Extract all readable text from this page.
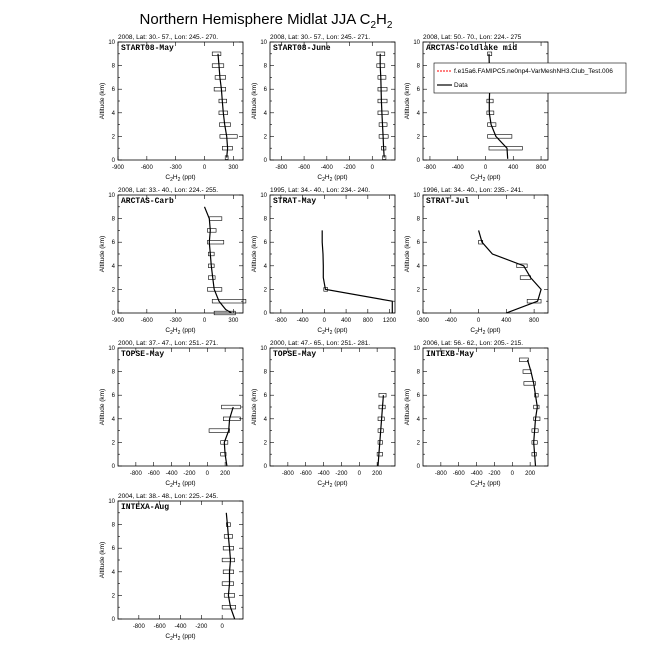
Northern Hemisphere Midlat JJA $C_2H_2$
2008, Lat: 30.- 57., Lon: 245.- 270.
START08-May
0
2
4
6
8
10
-900	-600	-300	0	300
Altitude (km)
$C_2H_2$ (ppt)
2008, Lat: 30.- 57., Lon: 245.- 271.
START08-June
0
2
4
6
8
10
-800 -600 -400 -200	0
Altitude (km)
$C_2H_2$ (ppt)
2008, Lat: 50.- 70., Lon: 224.- 275
ARCTAS-Coldlake mid
0
2
4
6
8
10
-800	-400	0	400	800
Altitude (km)
$C_2H_2$ (ppt)
2008, Lat: 33.- 40., Lon: 224.- 255.
ARCTAS-Carb
0
2
4
6
8
10
-900	-600	-300	0	300
Altitude (km)
$C_2H_2$ (ppt)
1995, Lat: 34.- 40., Lon: 234.- 240.
STRAT-May
0
2
4
6
8
10
-800 -400 0	400 800 1200
Altitude (km)
$C_2H_2$ (ppt)
1996, Lat: 34.- 40., Lon: 235.- 241.
STRAT-Jul
0
2
4
6
8
10
-800	-400	0	400	800
Altitude (km)
$C_2H_2$ (ppt)
2000, Lat: 37.- 47., Lon: 251.- 271.
TOPSE-May
0
2
4
6
8
10
-800 -600 -400 -200 0 200
Altitude (km)
$C_2H_2$ (ppt)
2000, Lat: 47.- 65., Lon: 251.- 281.
TOPSE-May
0
2
4
6
8
10
-800 -600 -400 -200 0 200
Altitude (km)
$C_2H_2$ (ppt)
2006, Lat: 56.- 62., Lon: 205.- 215.
INTEXB-May
0
2
4
6
8
10
-800 -600 -400 -200 0 200
Altitude (km)
$C_2H_2$ (ppt)
2004, Lat: 38.- 48., Lon: 225.- 245.
INTEXA-Aug
0
2
4
6
8
10
-800 -600 -400 -200 0
Altitude (km)
$C_2H_2$ (ppt)
f.e15a6.FAMIPC5.ne0np4-VarMeshNH3.Club_Test.006
Data
